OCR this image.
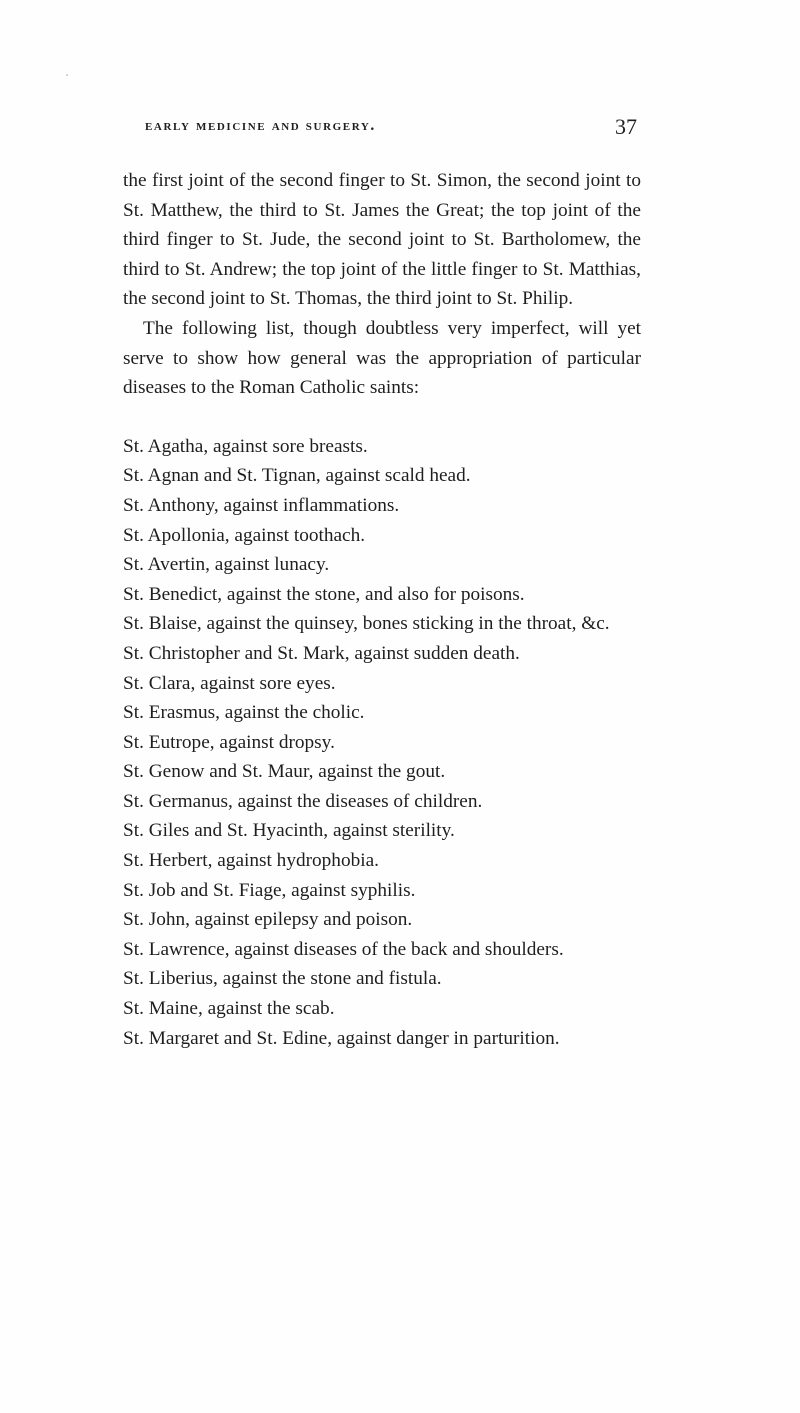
early medicine and surgery.	37

the first joint of the second finger to St. Simon, the second joint to St. Matthew, the third to St. James the Great; the top joint of the third finger to St. Jude, the second joint to St. Bartholomew, the third to St. Andrew; the top joint of the little finger to St. Matthias, the second joint to St. Thomas, the third joint to St. Philip.

The following list, though doubtless very imperfect, will yet serve to show how general was the appropriation of particular diseases to the Roman Catholic saints:

St. Agatha, against sore breasts.
St. Agnan and St. Tignan, against scald head.
St. Anthony, against inflammations.
St. Apollonia, against toothach.
St. Avertin, against lunacy.
St. Benedict, against the stone, and also for poisons.
St. Blaise, against the quinsey, bones sticking in the throat, &c.
St. Christopher and St. Mark, against sudden death.
St. Clara, against sore eyes.
St. Erasmus, against the cholic.
St. Eutrope, against dropsy.
St. Genow and St. Maur, against the gout.
St. Germanus, against the diseases of children.
St. Giles and St. Hyacinth, against sterility.
St. Herbert, against hydrophobia.
St. Job and St. Fiage, against syphilis.
St. John, against epilepsy and poison.
St. Lawrence, against diseases of the back and shoulders.
St. Liberius, against the stone and fistula.
St. Maine, against the scab.
St. Margaret and St. Edine, against danger in parturition.
